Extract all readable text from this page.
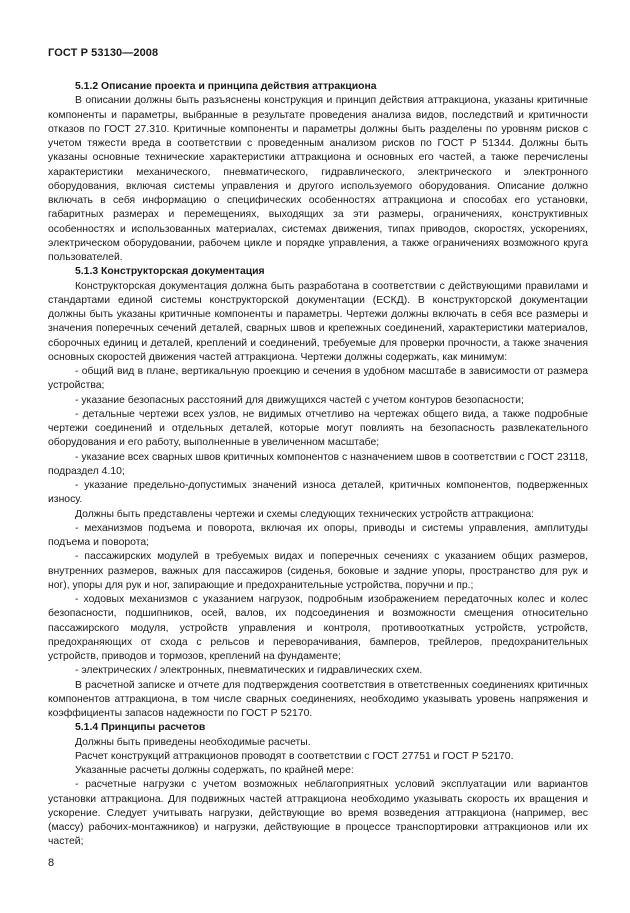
ГОСТ Р 53130—2008

5.1.2 Описание проекта и принципа действия аттракциона

В описании должны быть разъяснены конструкция и принцип действия аттракциона, указаны критичные компоненты и параметры, выбранные в результате проведения анализа видов, последствий и критичности отказов по ГОСТ 27.310. Критичные компоненты и параметры должны быть разделены по уровням рисков с учетом тяжести вреда в соответствии с проведенным анализом рисков по ГОСТ Р 51344. Должны быть указаны основные технические характеристики аттракциона и основных его частей, а также перечислены характеристики механического, пневматического, гидравлического, электрического и электронного оборудования, включая системы управления и другого используемого оборудования. Описание должно включать в себя информацию о специфических особенностях аттракциона и способах его установки, габаритных размерах и перемещениях, выходящих за эти размеры, ограничениях, конструктивных особенностях и использованных материалах, системах движения, типах приводов, скоростях, ускорениях, электрическом оборудовании, рабочем цикле и порядке управления, а также ограничениях возможного круга пользователей.

5.1.3 Конструкторская документация

Конструкторская документация должна быть разработана в соответствии с действующими правилами и стандартами единой системы конструкторской документации (ЕСКД). В конструкторской документации должны быть указаны критичные компоненты и параметры. Чертежи должны включать в себя все размеры и значения поперечных сечений деталей, сварных швов и крепежных соединений, характеристики материалов, сборочных единиц и деталей, креплений и соединений, требуемые для проверки прочности, а также значения основных скоростей движения частей аттракциона. Чертежи должны содержать, как минимум:

- общий вид в плане, вертикальную проекцию и сечения в удобном масштабе в зависимости от размера устройства;

- указание безопасных расстояний для движущихся частей с учетом контуров безопасности;

- детальные чертежи всех узлов, не видимых отчетливо на чертежах общего вида, а также подробные чертежи соединений и отдельных деталей, которые могут повлиять на безопасность развлекательного оборудования и его работу, выполненные в увеличенном масштабе;

- указание всех сварных швов критичных компонентов с назначением швов в соответствии с ГОСТ 23118, подраздел 4.10;

- указание предельно-допустимых значений износа деталей, критичных компонентов, подверженных износу.

Должны быть представлены чертежи и схемы следующих технических устройств аттракциона:

- механизмов подъема и поворота, включая их опоры, приводы и системы управления, амплитуды подъема и поворота;

- пассажирских модулей в требуемых видах и поперечных сечениях с указанием общих размеров, внутренних размеров, важных для пассажиров (сиденья, боковые и задние упоры, пространство для рук и ног), упоры для рук и ног, запирающие и предохранительные устройства, поручни и пр.;

- ходовых механизмов с указанием нагрузок, подробным изображением передаточных колес и колес безопасности, подшипников, осей, валов, их подсоединения и возможности смещения относительно пассажирского модуля, устройств управления и контроля, противооткатных устройств, устройств, предохраняющих от схода с рельсов и переворачивания, бамперов, трейлеров, предохранительных устройств, приводов и тормозов, креплений на фундаменте;

- электрических / электронных, пневматических и гидравлических схем.

В расчетной записке и отчете для подтверждения соответствия в ответственных соединениях критичных компонентов аттракциона, в том числе сварных соединениях, необходимо указывать уровень напряжения и коэффициенты запасов надежности по ГОСТ Р 52170.

5.1.4 Принципы расчетов

Должны быть приведены необходимые расчеты.

Расчет конструкций аттракционов проводят в соответствии с ГОСТ 27751 и ГОСТ Р 52170.

Указанные расчеты должны содержать, по крайней мере:

- расчетные нагрузки с учетом возможных неблагоприятных условий эксплуатации или вариантов установки аттракциона. Для подвижных частей аттракциона необходимо указывать скорость их вращения и ускорение. Следует учитывать нагрузки, действующие во время возведения аттракциона (например, вес (массу) рабочих-монтажников) и нагрузки, действующие в процессе транспортировки аттракционов или их частей;

8
